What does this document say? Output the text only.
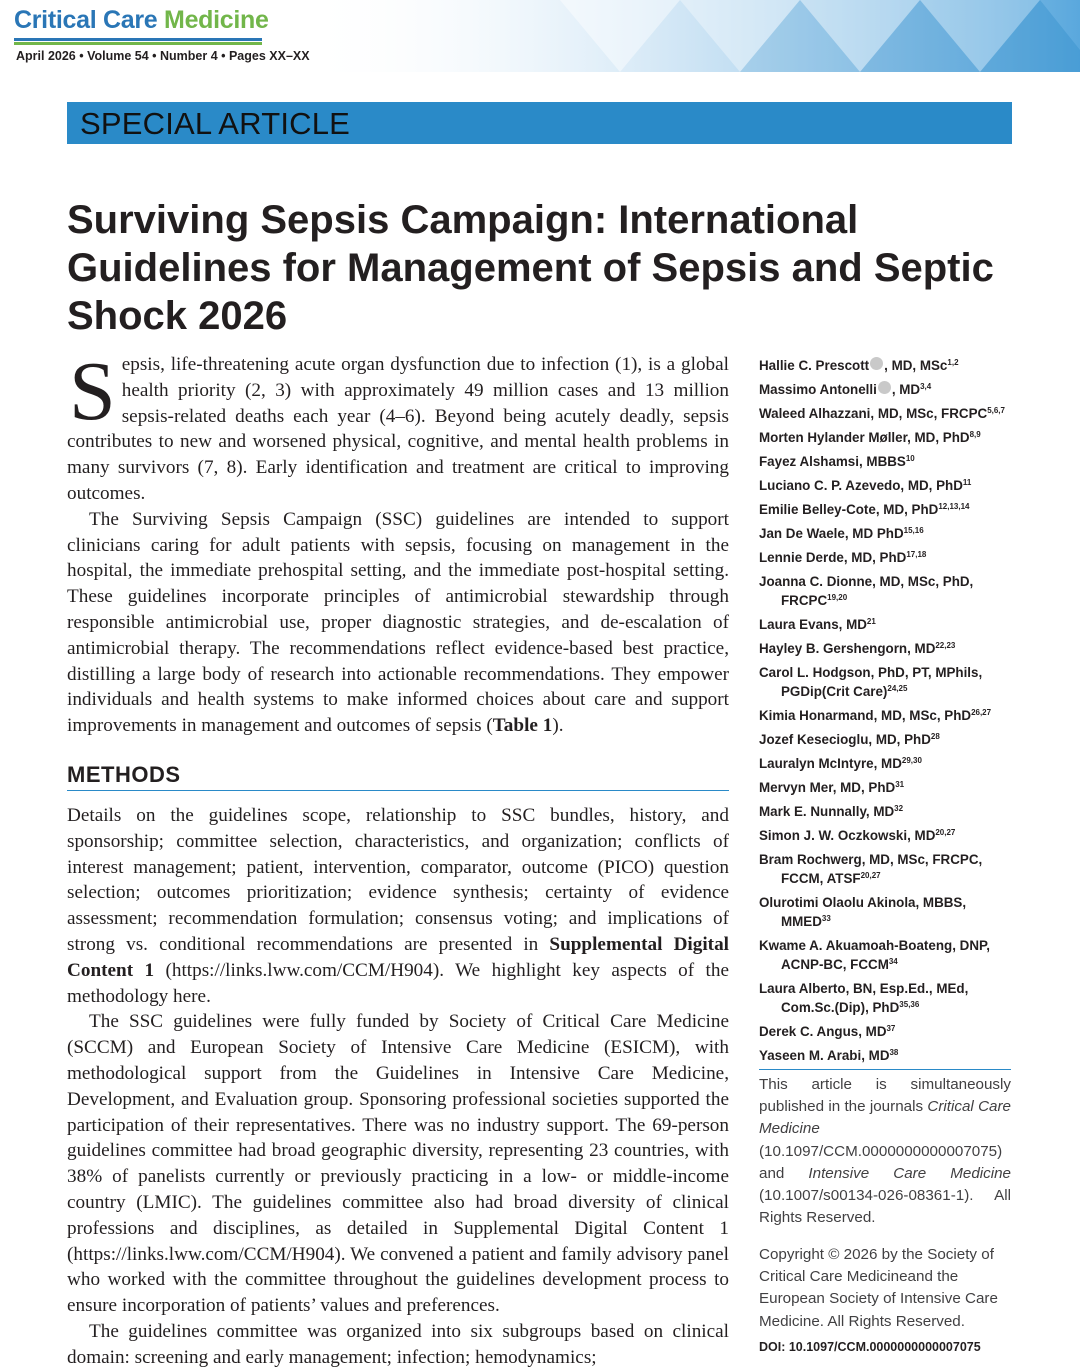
Critical Care Medicine
April 2026 • Volume 54 • Number 4 • Pages XX–XX
SPECIAL ARTICLE
Surviving Sepsis Campaign: International Guidelines for Management of Sepsis and Septic Shock 2026

Sepsis, life-threatening acute organ dysfunction due to infection (1), is a global health priority (2, 3) with approximately 49 million cases and 13 million sepsis-related deaths each year (4–6). Beyond being acutely deadly, sepsis contributes to new and worsened physical, cognitive, and mental health problems in many survivors (7, 8). Early identification and treatment are critical to improving outcomes.

The Surviving Sepsis Campaign (SSC) guidelines are intended to support clinicians caring for adult patients with sepsis, focusing on management in the hospital, the immediate prehospital setting, and the immediate post-hospital setting. These guidelines incorporate principles of antimicrobial stewardship through responsible antimicrobial use, proper diagnostic strategies, and de-escalation of antimicrobial therapy. The recommendations reflect evidence-based best practice, distilling a large body of research into actionable recommendations. They empower individuals and health systems to make informed choices about care and support improvements in management and outcomes of sepsis (Table 1).

METHODS

Details on the guidelines scope, relationship to SSC bundles, history, and sponsorship; committee selection, characteristics, and organization; conflicts of interest management; patient, intervention, comparator, outcome (PICO) question selection; outcomes prioritization; evidence synthesis; certainty of evidence assessment; recommendation formulation; consensus voting; and implications of strong vs. conditional recommendations are presented in Supplemental Digital Content 1 (https://links.lww.com/CCM/H904). We highlight key aspects of the methodology here.

The SSC guidelines were fully funded by Society of Critical Care Medicine (SCCM) and European Society of Intensive Care Medicine (ESICM), with methodological support from the Guidelines in Intensive Care Medicine, Development, and Evaluation group. Sponsoring professional societies supported the participation of their representatives. There was no industry support. The 69-person guidelines committee had broad geographic diversity, representing 23 countries, with 38% of panelists currently or previously practicing in a low- or middle-income country (LMIC). The guidelines committee also had broad diversity of clinical professions and disciplines, as detailed in Supplemental Digital Content 1 (https://links.lww.com/CCM/H904). We convened a patient and family advisory panel who worked with the committee throughout the guidelines development process to ensure incorporation of patients’ values and preferences.

The guidelines committee was organized into six subgroups based on clinical domain: screening and early management; infection; hemodynamics;

Hallie C. Prescott , MD, MSc$^{1,2}$
Massimo Antonelli , MD$^{3,4}$
Waleed Alhazzani, MD, MSc, FRCPC$^{5,6,7}$
Morten Hylander Møller, MD, PhD$^{8,9}$
Fayez Alshamsi, MBBS$^{10}$
Luciano C. P. Azevedo, MD, PhD$^{11}$
Emilie Belley-Cote, MD, PhD$^{12,13,14}$
Jan De Waele, MD PhD$^{15,16}$
Lennie Derde, MD, PhD$^{17,18}$
Joanna C. Dionne, MD, MSc, PhD, FRCPC$^{19,20}$
Laura Evans, MD$^{21}$
Hayley B. Gershengorn, MD$^{22,23}$
Carol L. Hodgson, PhD, PT, MPhils, PGDip(Crit Care)$^{24,25}$
Kimia Honarmand, MD, MSc, PhD$^{26,27}$
Jozef Kesecioglu, MD, PhD$^{28}$
Lauralyn McIntyre, MD$^{29,30}$
Mervyn Mer, MD, PhD$^{31}$
Mark E. Nunnally, MD$^{32}$
Simon J. W. Oczkowski, MD$^{20,27}$
Bram Rochwerg, MD, MSc, FRCPC, FCCM, ATSF$^{20,27}$
Olurotimi Olaolu Akinola, MBBS, MMED$^{33}$
Kwame A. Akuamoah-Boateng, DNP, ACNP-BC, FCCM$^{34}$
Laura Alberto, BN, Esp.Ed., MEd, Com.Sc.(Dip), PhD$^{35,36}$
Derek C. Angus, MD$^{37}$
Yaseen M. Arabi, MD$^{38}$

This article is simultaneously published in the journals Critical Care Medicine (10.1097/CCM.0000000000007075) and Intensive Care Medicine (10.1007/s00134-026-08361-1). All Rights Reserved.

Copyright © 2026 by the Society of Critical Care Medicineand the European Society of Intensive Care Medicine. All Rights Reserved.

DOI: 10.1097/CCM.0000000000007075
